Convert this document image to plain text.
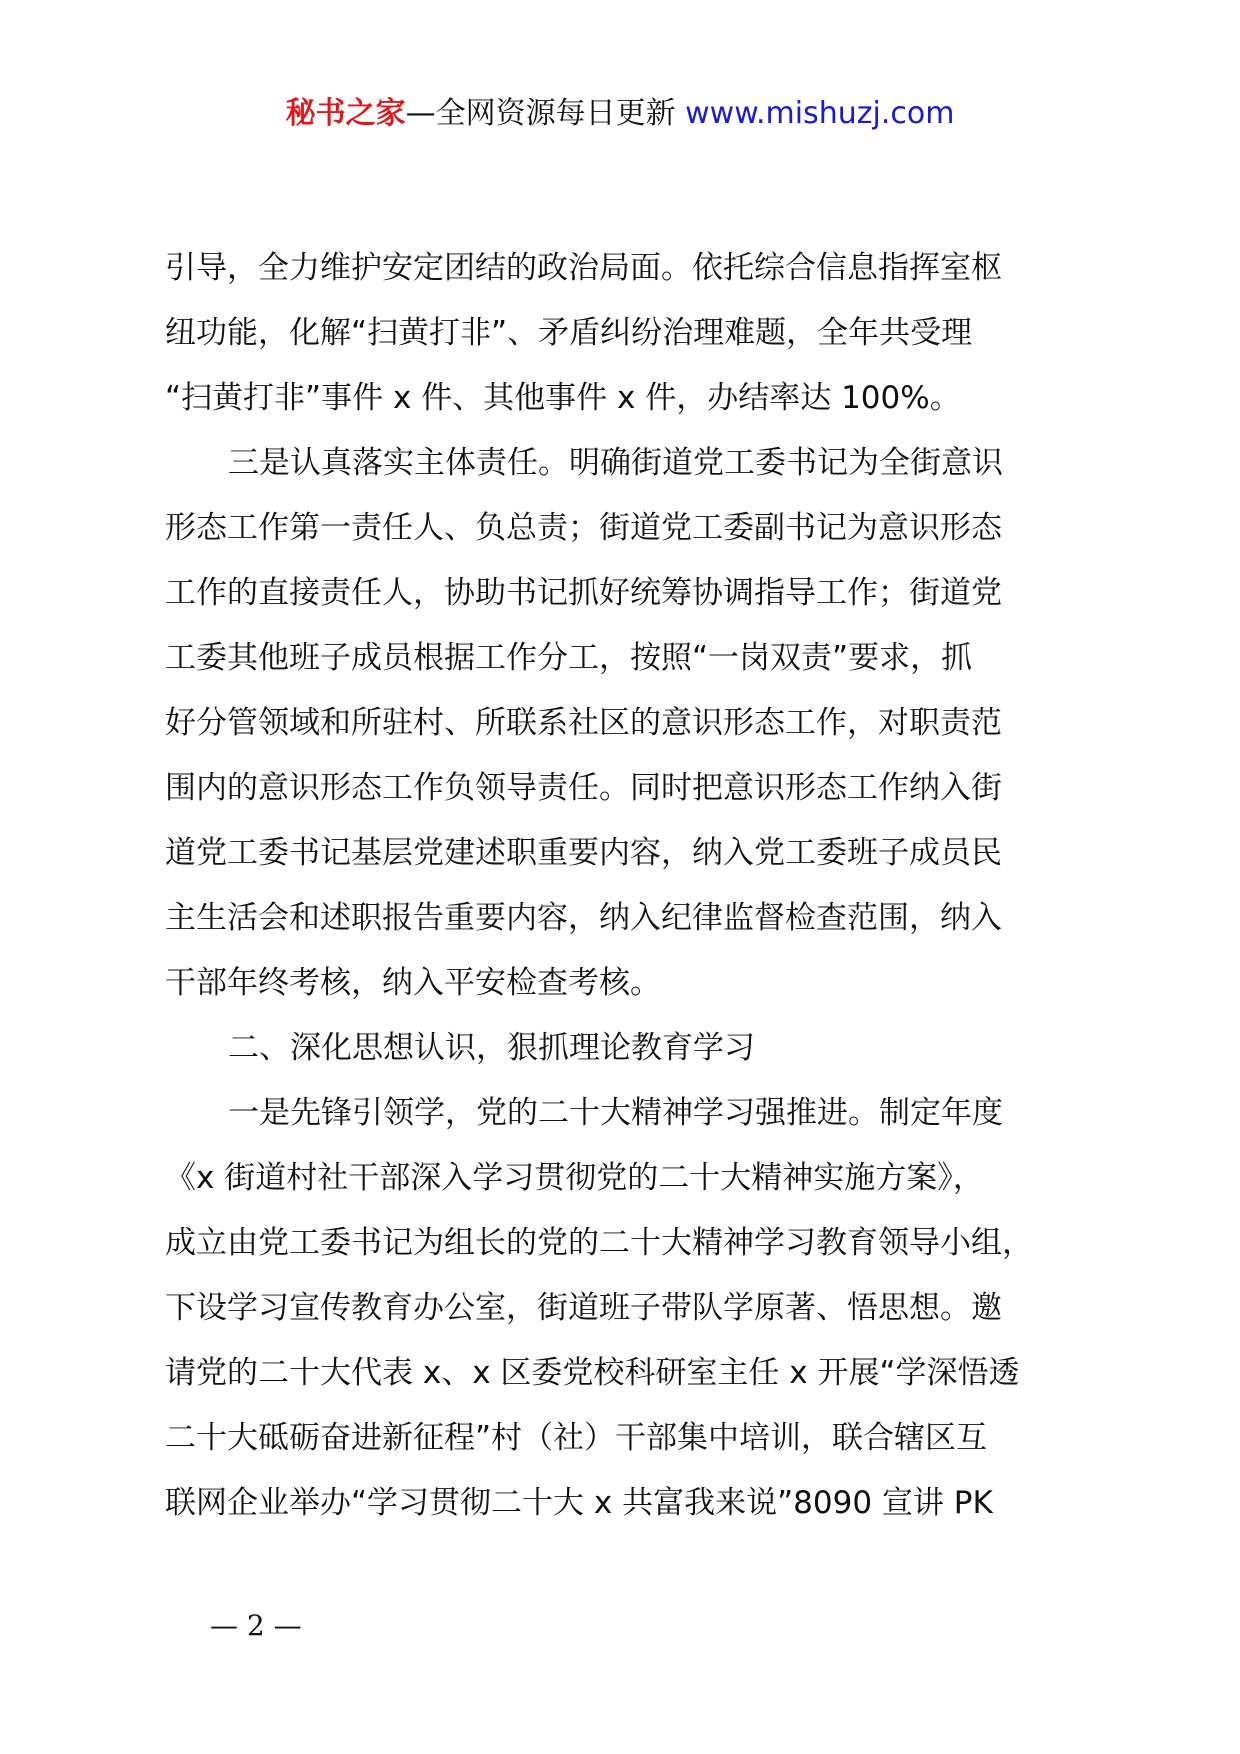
秘书之家—全网资源每日更新 www.mishuzj.com
引导，全力维护安定团结的政治局面。依托综合信息指挥室枢
纽功能，化解“扫黄打非”、矛盾纠纷治理难题，全年共受理
“扫黄打非”事件 x 件、其他事件 x 件，办结率达 100%。
三是认真落实主体责任。明确街道党工委书记为全街意识
形态工作第一责任人、负总责；街道党工委副书记为意识形态
工作的直接责任人，协助书记抓好统筹协调指导工作；街道党
工委其他班子成员根据工作分工，按照“一岗双责”要求，抓
好分管领域和所驻村、所联系社区的意识形态工作，对职责范
围内的意识形态工作负领导责任。同时把意识形态工作纳入街
道党工委书记基层党建述职重要内容，纳入党工委班子成员民
主生活会和述职报告重要内容，纳入纪律监督检查范围，纳入
干部年终考核，纳入平安检查考核。
二、深化思想认识，狠抓理论教育学习
一是先锋引领学，党的二十大精神学习强推进。制定年度
《x 街道村社干部深入学习贯彻党的二十大精神实施方案》，
成立由党工委书记为组长的党的二十大精神学习教育领导小组，
下设学习宣传教育办公室，街道班子带队学原著、悟思想。邀
请党的二十大代表 x、x 区委党校科研室主任 x 开展“学深悟透
二十大砥砺奋进新征程”村（社）干部集中培训，联合辖区互
联网企业举办“学习贯彻二十大 x 共富我来说”8090 宣讲 PK
— 2 —
